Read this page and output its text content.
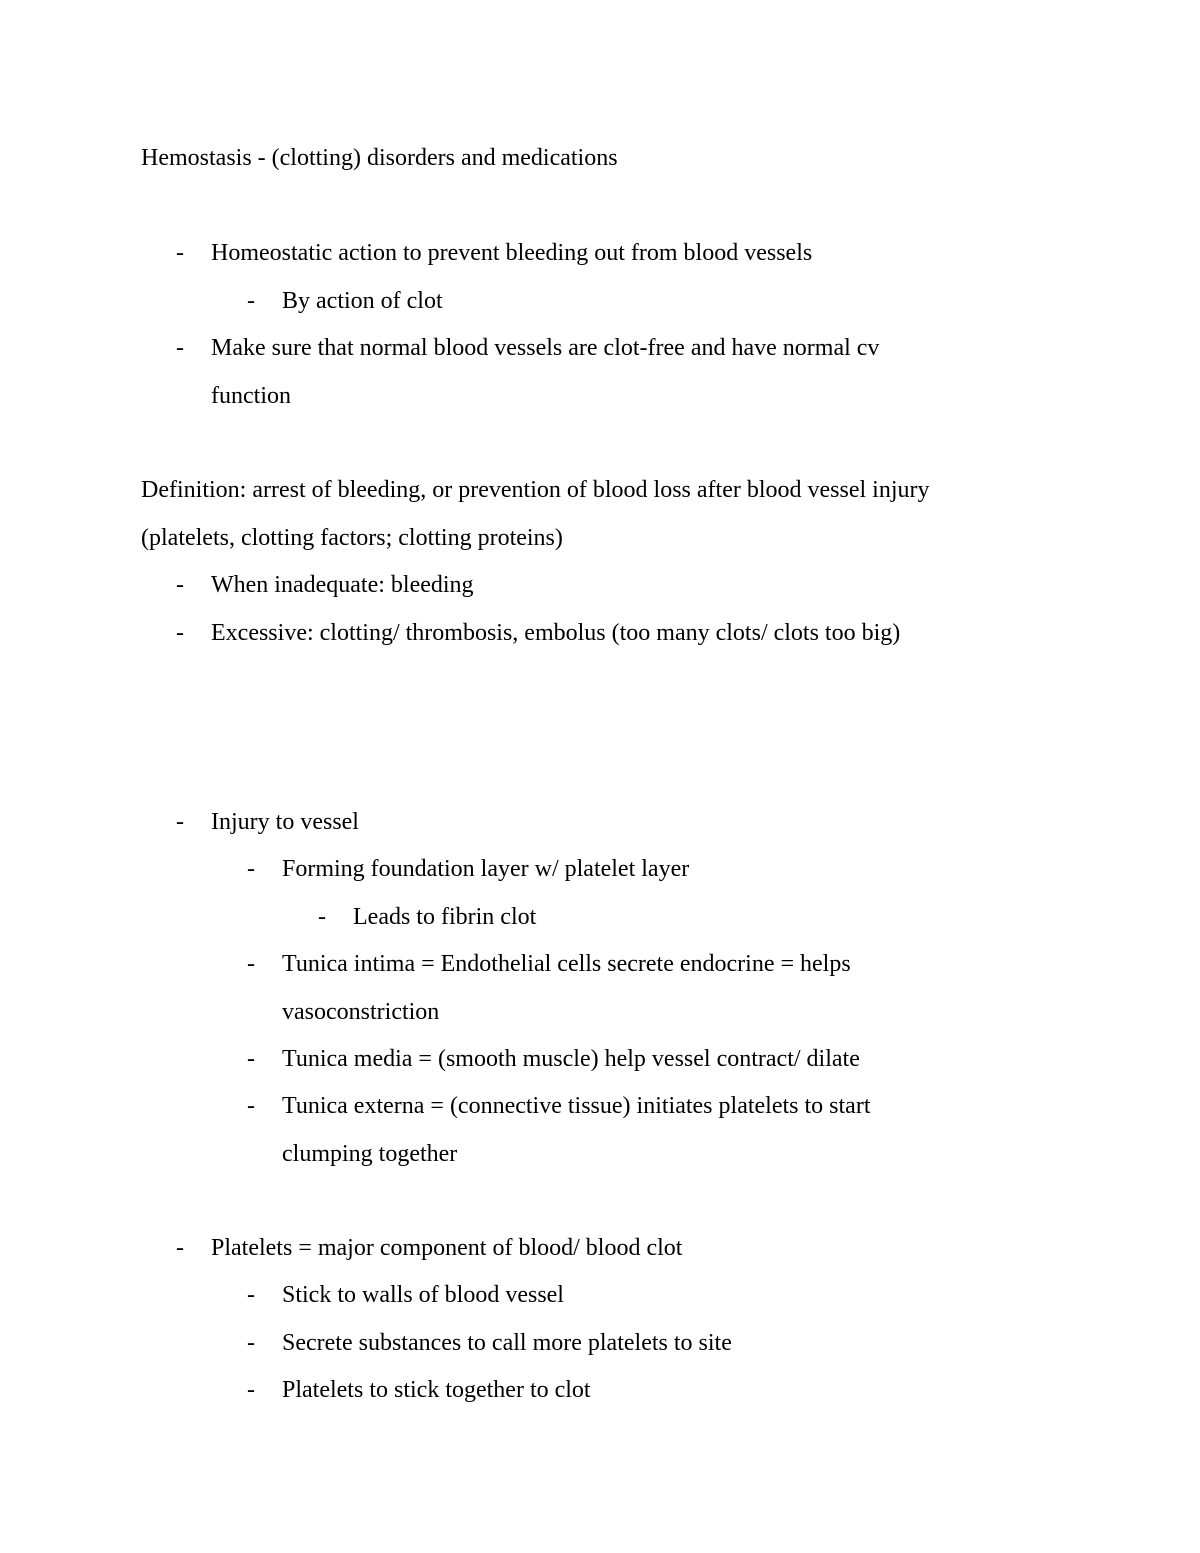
Hemostasis - (clotting) disorders and medications
- Homeostatic action to prevent bleeding out from blood vessels
- By action of clot
- Make sure that normal blood vessels are clot-free and have normal cv
function
Definition: arrest of bleeding, or prevention of blood loss after blood vessel injury
(platelets, clotting factors; clotting proteins)
- When inadequate: bleeding
- Excessive: clotting/ thrombosis, embolus (too many clots/ clots too big)
- Injury to vessel
- Forming foundation layer w/ platelet layer
- Leads to fibrin clot
- Tunica intima = Endothelial cells secrete endocrine = helps
vasoconstriction
- Tunica media = (smooth muscle) help vessel contract/ dilate
- Tunica externa = (connective tissue) initiates platelets to start
clumping together
- Platelets = major component of blood/ blood clot
- Stick to walls of blood vessel
- Secrete substances to call more platelets to site
- Platelets to stick together to clot
